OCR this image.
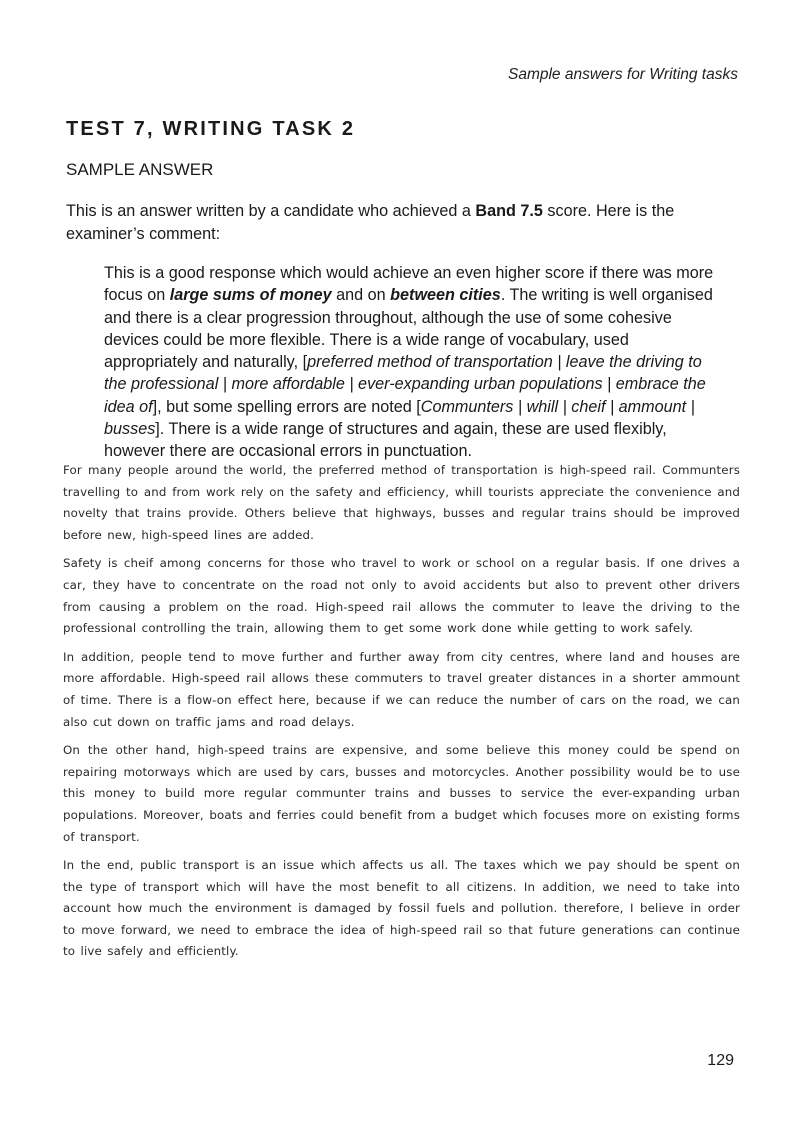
Sample answers for Writing tasks
TEST 7, WRITING TASK 2
SAMPLE ANSWER

This is an answer written by a candidate who achieved a Band 7.5 score. Here is the examiner’s comment:

This is a good response which would achieve an even higher score if there was more focus on large sums of money and on between cities. The writing is well organised and there is a clear progression throughout, although the use of some cohesive devices could be more flexible. There is a wide range of vocabulary, used appropriately and naturally, [preferred method of transportation | leave the driving to the professional | more affordable | ever-expanding urban populations | embrace the idea of], but some spelling errors are noted [Communters | whill | cheif | ammount | busses]. There is a wide range of structures and again, these are used flexibly, however there are occasional errors in punctuation.

For many people around the world, the preferred method of transportation is high-speed rail. Communters travelling to and from work rely on the safety and efficiency, whill tourists appreciate the convenience and novelty that trains provide. Others believe that highways, busses and regular trains should be improved before new, high-speed lines are added.

Safety is cheif among concerns for those who travel to work or school on a regular basis. If one drives a car, they have to concentrate on the road not only to avoid accidents but also to prevent other drivers from causing a problem on the road. High-speed rail allows the commuter to leave the driving to the professional controlling the train, allowing them to get some work done while getting to work safely.

In addition, people tend to move further and further away from city centres, where land and houses are more affordable. High-speed rail allows these commuters to travel greater distances in a shorter ammount of time. There is a flow-on effect here, because if we can reduce the number of cars on the road, we can also cut down on traffic jams and road delays.

On the other hand, high-speed trains are expensive, and some believe this money could be spend on repairing motorways which are used by cars, busses and motorcycles. Another possibility would be to use this money to build more regular communter trains and busses to service the ever-expanding urban populations. Moreover, boats and ferries could benefit from a budget which focuses more on existing forms of transport.

In the end, public transport is an issue which affects us all. The taxes which we pay should be spent on the type of transport which will have the most benefit to all citizens. In addition, we need to take into account how much the environment is damaged by fossil fuels and pollution. therefore, I believe in order to move forward, we need to embrace the idea of high-speed rail so that future generations can continue to live safely and efficiently.

129
